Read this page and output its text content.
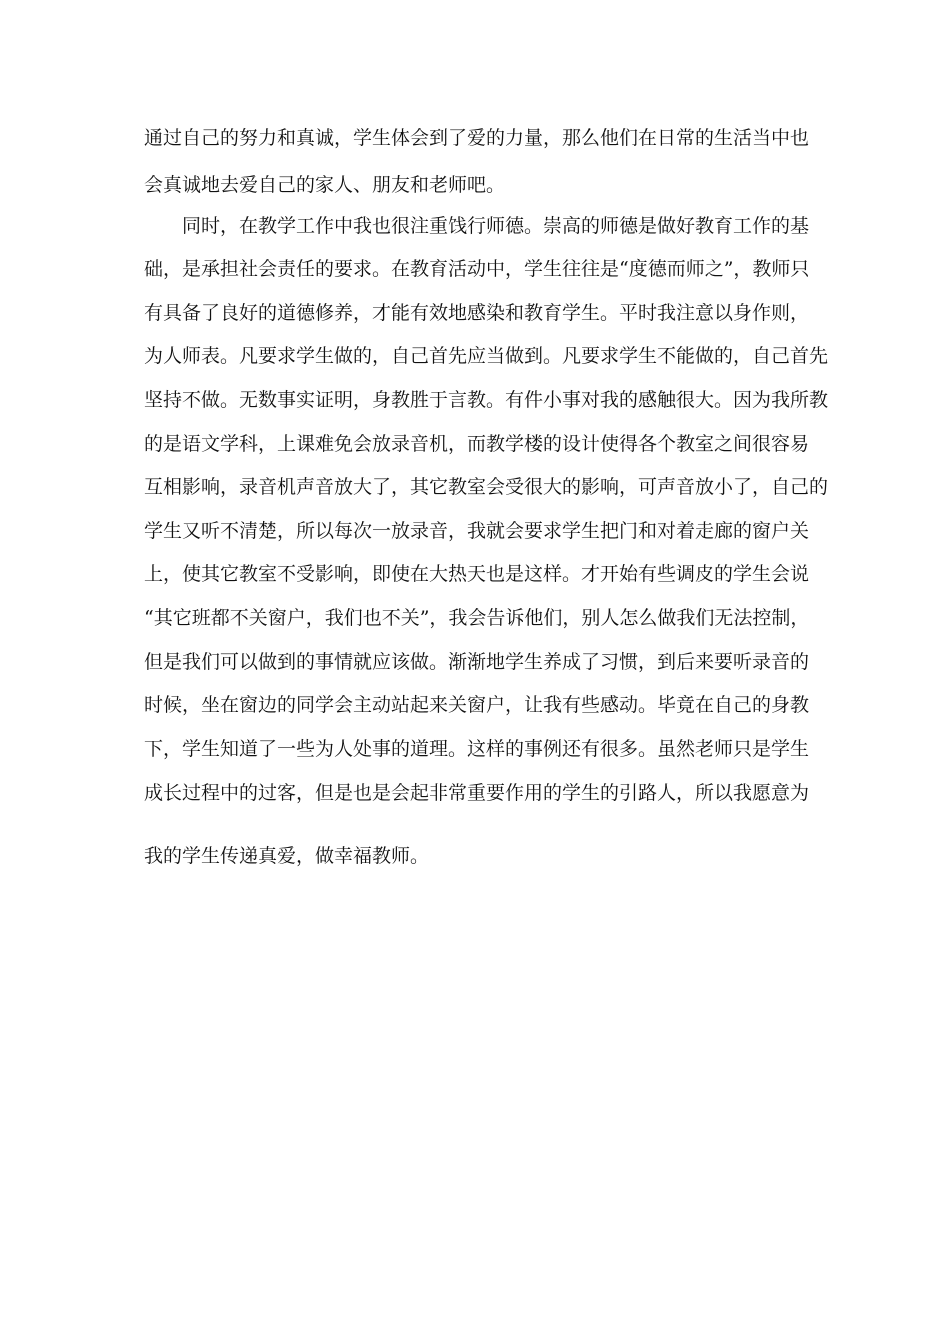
通过自己的努力和真诚，学生体会到了爱的力量，那么他们在日常的生活当中也
会真诚地去爱自己的家人、朋友和老师吧。
同时，在教学工作中我也很注重饯行师德。崇高的师德是做好教育工作的基
础，是承担社会责任的要求。在教育活动中，学生往往是“度德而师之”，教师只
有具备了良好的道德修养，才能有效地感染和教育学生。平时我注意以身作则，
为人师表。凡要求学生做的，自己首先应当做到。凡要求学生不能做的，自己首先
坚持不做。无数事实证明，身教胜于言教。有件小事对我的感触很大。因为我所教
的是语文学科，上课难免会放录音机，而教学楼的设计使得各个教室之间很容易
互相影响，录音机声音放大了，其它教室会受很大的影响，可声音放小了，自己的
学生又听不清楚，所以每次一放录音，我就会要求学生把门和对着走廊的窗户关
上，使其它教室不受影响，即使在大热天也是这样。才开始有些调皮的学生会说
“其它班都不关窗户，我们也不关”，我会告诉他们，别人怎么做我们无法控制，
但是我们可以做到的事情就应该做。渐渐地学生养成了习惯，到后来要听录音的
时候，坐在窗边的同学会主动站起来关窗户，让我有些感动。毕竟在自己的身教
下，学生知道了一些为人处事的道理。这样的事例还有很多。虽然老师只是学生
成长过程中的过客，但是也是会起非常重要作用的学生的引路人，所以我愿意为
我的学生传递真爱，做幸福教师。
